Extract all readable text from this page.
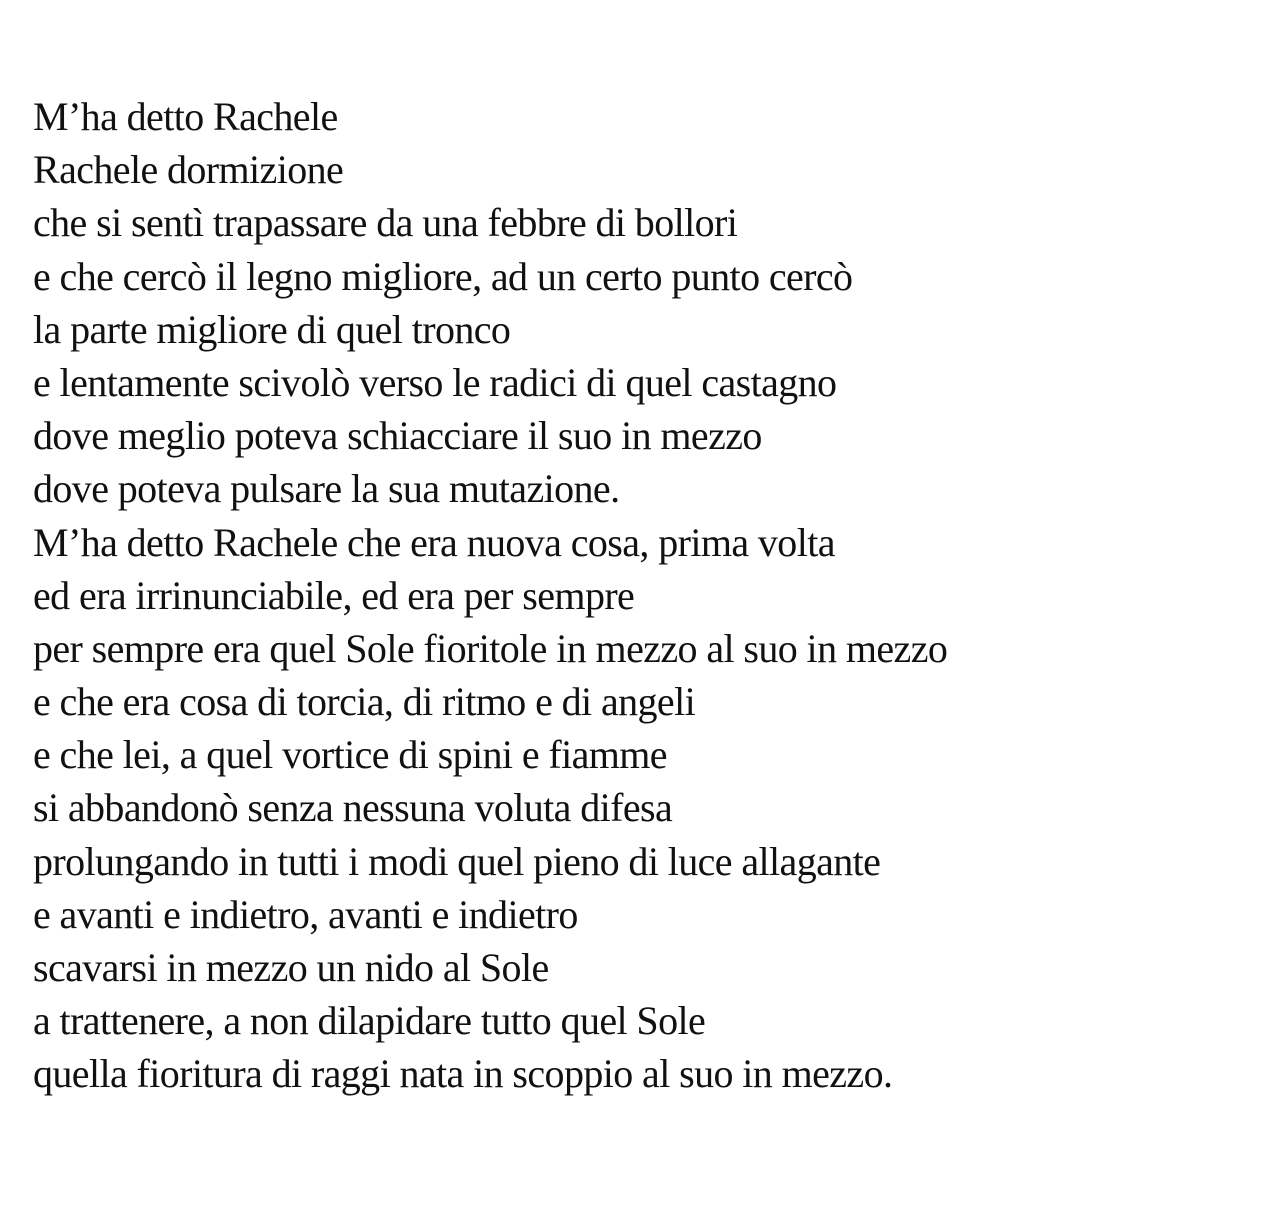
M’ha detto Rachele
Rachele dormizione
che si sentì trapassare da una febbre di bollori
e che cercò il legno migliore, ad un certo punto cercò
la parte migliore di quel tronco
e lentamente scivolò verso le radici di quel castagno
dove meglio poteva schiacciare il suo in mezzo
dove poteva pulsare la sua mutazione.
M’ha detto Rachele che era nuova cosa, prima volta
ed era irrinunciabile, ed era per sempre
per sempre era quel Sole fioritole in mezzo al suo in mezzo
e che era cosa di torcia, di ritmo e di angeli
e che lei, a quel vortice di spini e fiamme
si abbandonò senza nessuna voluta difesa
prolungando in tutti i modi quel pieno di luce allagante
e avanti e indietro, avanti e indietro
scavarsi in mezzo un nido al Sole
a trattenere, a non dilapidare tutto quel Sole
quella fioritura di raggi nata in scoppio al suo in mezzo.
